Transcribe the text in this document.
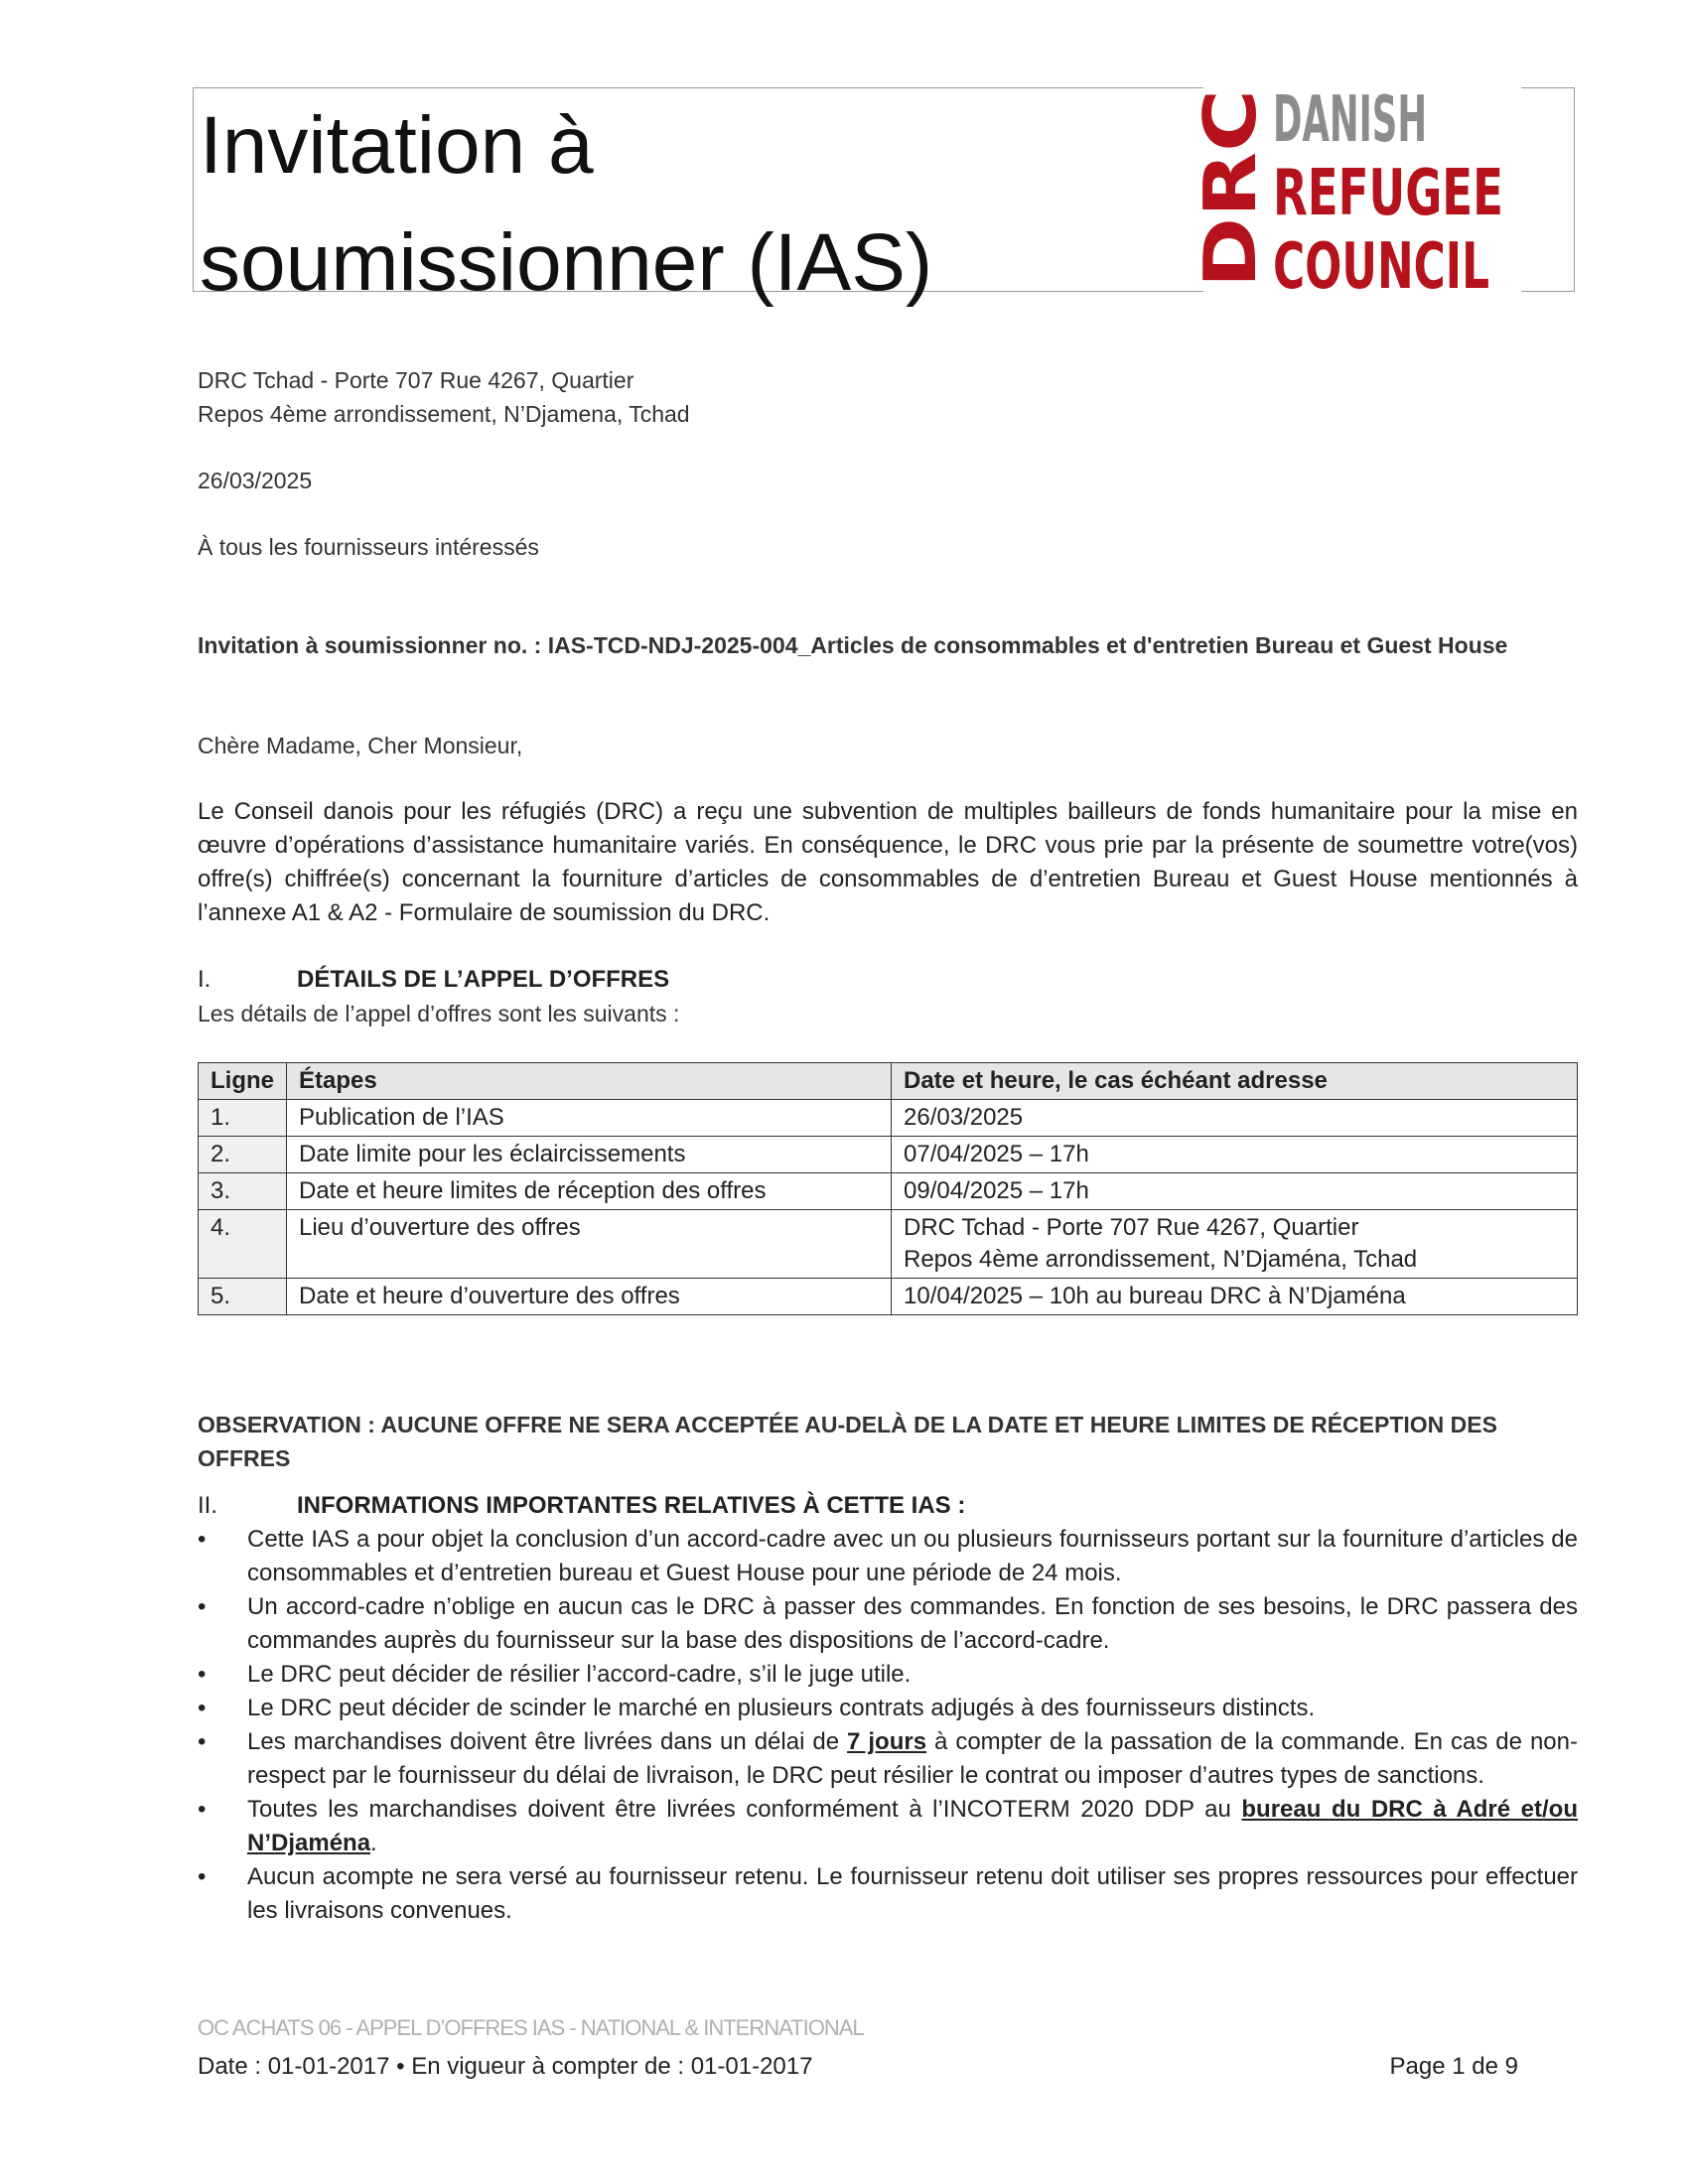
Invitation à
soumissionner (IAS)	DRC
DANISH
REFUGEE
COUNCIL
DRC Tchad - Porte 707 Rue 4267, Quartier
Repos 4ème arrondissement, N’Djamena, Tchad
26/03/2025
À tous les fournisseurs intéressés
Invitation à soumissionner no. : IAS-TCD-NDJ-2025-004_Articles de consommables et d'entretien Bureau et Guest House
Chère Madame, Cher Monsieur,
Le Conseil danois pour les réfugiés (DRC) a reçu une subvention de multiples bailleurs de fonds humanitaire pour la mise en œuvre d’opérations d’assistance humanitaire variés. En conséquence, le DRC vous prie par la présente de soumettre votre(vos) offre(s) chiffrée(s) concernant la fourniture d’articles de consommables de d’entretien Bureau et Guest House mentionnés à l’annexe A1 & A2 - Formulaire de soumission du DRC.
I.	DÉTAILS DE L’APPEL D’OFFRES
Les détails de l’appel d’offres sont les suivants :
Ligne	Étapes	Date et heure, le cas échéant adresse
1.	Publication de l’IAS	26/03/2025
2.	Date limite pour les éclaircissements	07/04/2025 – 17h
3.	Date et heure limites de réception des offres	09/04/2025 – 17h
4.	Lieu d’ouverture des offres	DRC Tchad - Porte 707 Rue 4267, Quartier
Repos 4ème arrondissement, N’Djaména, Tchad

5.	Date et heure d’ouverture des offres	10/04/2025 – 10h au bureau DRC à N’Djaména
OBSERVATION : AUCUNE OFFRE NE SERA ACCEPTÉE AU-DELÀ DE LA DATE ET HEURE LIMITES DE RÉCEPTION DES OFFRES
II.	INFORMATIONS IMPORTANTES RELATIVES À CETTE IAS :
• Cette IAS a pour objet la conclusion d’un accord-cadre avec un ou plusieurs fournisseurs portant sur la fourniture d’articles de consommables et d’entretien bureau et Guest House pour une période de 24 mois.
• Un accord-cadre n’oblige en aucun cas le DRC à passer des commandes. En fonction de ses besoins, le DRC passera des commandes auprès du fournisseur sur la base des dispositions de l’accord-cadre.
• Le DRC peut décider de résilier l’accord-cadre, s’il le juge utile.
• Le DRC peut décider de scinder le marché en plusieurs contrats adjugés à des fournisseurs distincts.
• Les marchandises doivent être livrées dans un délai de 7 jours à compter de la passation de la commande. En cas de non-respect par le fournisseur du délai de livraison, le DRC peut résilier le contrat ou imposer d’autres types de sanctions.
• Toutes les marchandises doivent être livrées conformément à l’INCOTERM 2020 DDP au bureau du DRC à Adré et/ou N’Djaména.
• Aucun acompte ne sera versé au fournisseur retenu. Le fournisseur retenu doit utiliser ses propres ressources pour effectuer les livraisons convenues.
OC ACHATS 06 - APPEL D’OFFRES IAS - NATIONAL & INTERNATIONAL
Date : 01-01-2017 • En vigueur à compter de : 01-01-2017	Page 1 de 9
